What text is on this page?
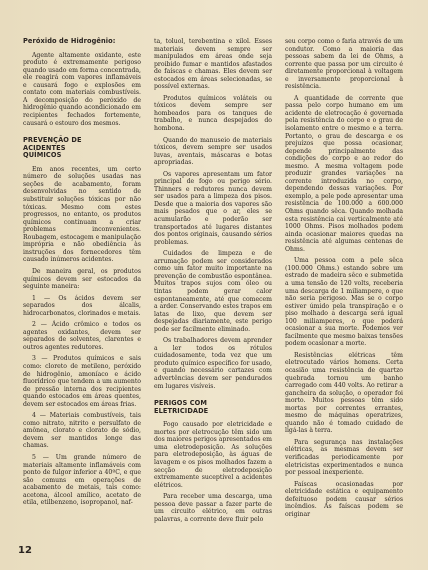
Peróxido de Hidrogênio:

Agente altamente oxidante, este produto é extremamente perigoso quando usado em forma concentrada, ele reagirá com vapores inflamáveis e causará fogo e explosões em contato com materiais combustíveis. A decomposição do peróxido de hidrogênio quando acondicionado em recipientes fechados fortemente, causará o estouro dos mesmos.

PREVENÇÃO DE
ACIDENTES
QUÍMICOS

Em anos recentes, um certo número de soluções usadas nas seções de acabamento, foram desenvolvidas no sentido de substituir soluções tóxicas por não tóxicas. Mesmo com estes progressos, no entanto, os produtos químicos continuam a criar problemas inconvenientes. Roubagem, estocagem e manipulação imprópria e não obediência às instruções dos fornecedores têm causado inúmeros acidentes.

De maneira geral, os produtos químicos devem ser estocados da seguinte maneira:

1 — Os ácidos devem ser separados dos álcalis, hidrocarbonatos, clorinados e metais.

2 — Ácido crômico e todos os agentes oxidantes, devem ser separados de solventes, clarentes e outros agentes redutores.

3 — Produtos químicos e sais como: cloreto de metileno, peróxido de hidrogênio, amoníaco e ácido fluorídrico que tendem a um aumento de pressão interna dos recipientes quando estocados em áreas quentes, devem ser estocados em áreas frias.

4 — Materiais combustíveis, tais como nitrato, nitrito e persulfato de amônea, clorato e clorato de sódio, devem ser mantidos longe das chamas.

5 — Um grande número de materiais altamente inflamáveis com ponto de fulgor inferior a 40ºC, e que são comuns em operações de acabamento de metais, tais como: acetona, álcool amílico, acetato de etila, etilbenzeno, isopropanol, naf-

ta, toluol, terebentina e xilol. Esses materiais devem sempre ser manipulados em áreas onde seja proibido fumar e mantidos afastados de faíscas e chamas. Eles devem ser estocados em áreas selecionadas, se possível externas.

Produtos químicos voláteis ou tóxicos devem sempre ser hombeados para os tanques de trabalho, e nunca despejados do hombona.

Quando do manuseio de materiais tóxicos, devem sempre ser usados luvas, aventais, máscaras e botas apropriadas.

Os vapores apresentam um fator principal de fogo ou perigo sério. Thinners e redutores nunca devem ser usados para a limpeza dos pisos. Desde que a maioria dos vapores são mais pesados que o ar, eles se acumularão e poderão ser transportados até lugares distantes dos pontos originais, causando sérios problemas.

Cuidados de limpeza e de arrumação podem ser considerados como um fator muito importante na prevenção de combustão espontânea. Muitos trapos sujos com óleo ou tintas podem gerar calor espontaneamente, até que comecem a arder. Conservando estes trapos em latas de lixo, que devem ser despejadas diariamente, este perigo pode ser facilmente eliminado.

Os trabalhadores devem aprender a ler todos os rótulos cuidadosamente, toda vez que um produto químico específico for usado, e quando necessário cartazes com advertências devem ser pendurados em lugares visíveis.

PERIGOS COM
ELETRICIDADE

Fogo causado por eletricidade e mortes por eletrocução têm sido um dos maiores perigos apresentados em uma eletrodeposição. As soluções para eletrodeposição, às águas de lavagem e os pisos molhados fazem a secção de eletrodeposição extremamente suceptível a acidentes elétricos.

Para receber uma descarga, uma pessoa deve passar a fazer parte de um circuito elétrico, em outras palavras, a corrente deve fluir pelo

seu corpo como o faria através de um condutor. Como a maioria das pessoas sabem da lei de Ohms, a corrente que passa por um circuito é diretamente proporcional à voltagem e inversamente proporcional à resistência.

A quantidade de corrente que passa pelo corpo humano em um acidente de eletrocação é governada pela resistência do corpo e o grau de isolamento entre o mesmo e a terra. Portanto, o grau de descarga e os prejuízos que possa ocasionar, depende principalmente das condições do corpo e ao redor do mesmo. A mesma voltagem pode produzir grandes variações na corrente introduzida no corpo, dependendo dessas variações. Por exemplo, a pele pode apresentar uma resistência de 100.000 a 600.000 Ohms quando sêca. Quando molhada esta resistência cai verticalmente até 1000 Ohms. Pisos molhados podem ainda ocasionar maiores quedas na resistência até algumas centenas de Ohms.

Uma pessoa com a pele sêca (100.000 Ohms.) estando sobre um estrado de madeira sêco e submetida a uma tensão de 120 volts, receberia uma descarga de 1 miliampere, o que não seria perigoso. Mas se o corpo estiver úmido pela transpiração e o piso molhado a descarga será igual 100 miliamperes, o que poderá ocasionar a sua morte. Podemos ver facilmente que mesmo baixas tensões podem ocasionar a morte.

Resistências elétricas têm eletrocutado vários homens. Certa ocasião uma resistência de quartzo quebrada tornou um banho carregado com 440 volts. Ao retirar a gancheira da solução, o operador foi morto. Muitos pessoas têm sido mortas por correntes errantes, mesmo de máquinas operatrizes, quando não é tomado cuidado de ligá-las à terra.

Para segurança nas instalações elétricas, as mesmas devem ser verificadas periodicamente por eletricistas experimentados e nunca por pessoal inexperiente.

Faíscas ocasionadas por eletricidade estática e equipamento defeituoso podem causar sérios incêndios. As faíscas podem se originar

12
